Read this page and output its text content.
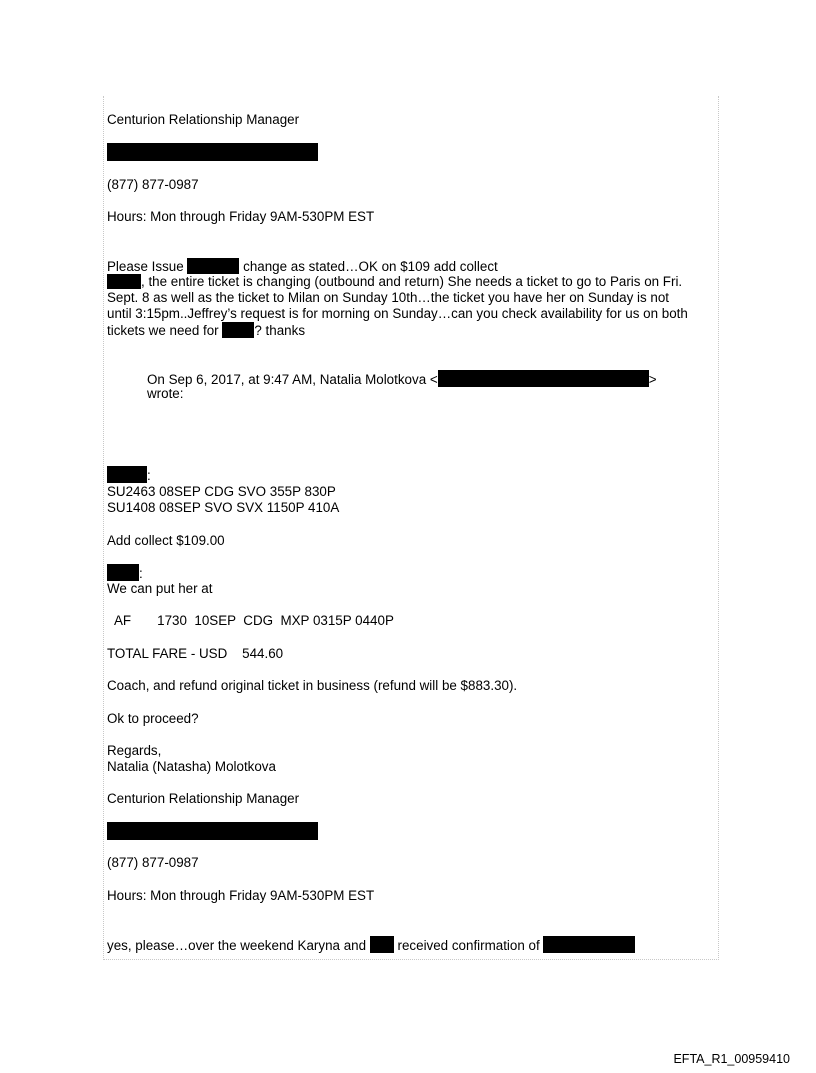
Centurion Relationship Manager
(877) 877-0987
Hours: Mon through Friday 9AM-530PM EST
Please Issue	change as stated…OK on $109 add collect
, the entire ticket is changing (outbound and return) She needs a ticket to go to Paris on Fri.
Sept. 8 as well as the ticket to Milan on Sunday 10th…the ticket you have her on Sunday is not
until 3:15pm..Jeffrey’s request is for morning on Sunday…can you check availability for us on both
tickets we need for	? thanks
On Sep 6, 2017, at 9:47 AM, Natalia Molotkova <	>
wrote:
:
SU2463 08SEP CDG SVO 355P 830P
SU1408 08SEP SVO SVX 1150P 410A
Add collect $109.00
:
We can put her at
AF       1730  10SEP  CDG  MXP 0315P 0440P
TOTAL FARE - USD    544.60
Coach, and refund original ticket in business (refund will be $883.30).
Ok to proceed?
Regards,
Natalia (Natasha) Molotkova
Centurion Relationship Manager
(877) 877-0987
Hours: Mon through Friday 9AM-530PM EST
yes, please…over the weekend Karyna and received confirmation of
EFTA_R1_00959410
